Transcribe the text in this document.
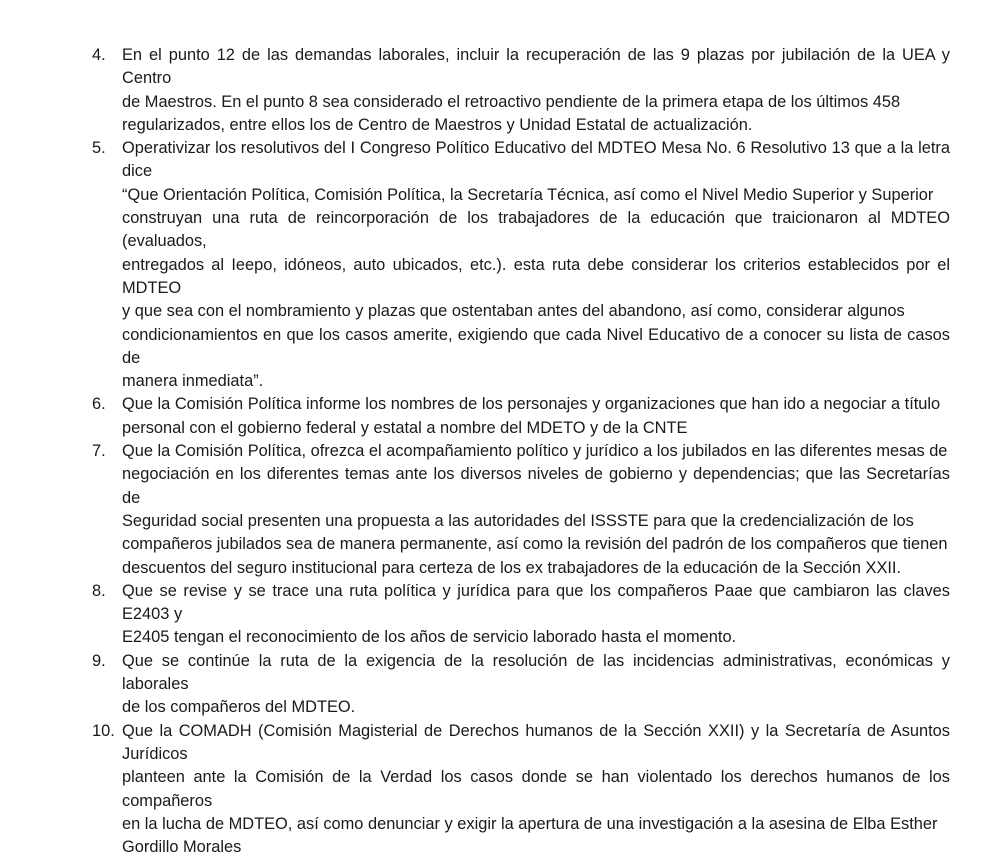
4. En el punto 12 de las demandas laborales, incluir la recuperación de las 9 plazas por jubilación de la UEA y Centro
de Maestros. En el punto 8 sea considerado el retroactivo pendiente de la primera etapa de los últimos 458
regularizados, entre ellos los de Centro de Maestros y Unidad Estatal de actualización.
5. Operativizar los resolutivos del I Congreso Político Educativo del MDTEO Mesa No. 6 Resolutivo 13 que a la letra dice
“Que Orientación Política, Comisión Política, la Secretaría Técnica, así como el Nivel Medio Superior y Superior
construyan una ruta de reincorporación de los trabajadores de la educación que traicionaron al MDTEO (evaluados,
entregados al Ieepo, idóneos, auto ubicados, etc.). esta ruta debe considerar los criterios establecidos por el MDTEO
y que sea con el nombramiento y plazas que ostentaban antes del abandono, así como, considerar algunos
condicionamientos en que los casos amerite, exigiendo que cada Nivel Educativo de a conocer su lista de casos de
manera inmediata”.
6. Que la Comisión Política informe los nombres de los personajes y organizaciones que han ido a negociar a título
personal con el gobierno federal y estatal a nombre del MDETO y de la CNTE
7. Que la Comisión Política, ofrezca el acompañamiento político y jurídico a los jubilados en las diferentes mesas de
negociación en los diferentes temas ante los diversos niveles de gobierno y dependencias; que las Secretarías de
Seguridad social presenten una propuesta a las autoridades del ISSSTE para que la credencialización de los
compañeros jubilados sea de manera permanente, así como la revisión del padrón de los compañeros que tienen
descuentos del seguro institucional para certeza de los ex trabajadores de la educación de la Sección XXII.
8. Que se revise y se trace una ruta política y jurídica para que los compañeros Paae que cambiaron las claves E2403 y
E2405 tengan el reconocimiento de los años de servicio laborado hasta el momento.
9. Que se continúe la ruta de la exigencia de la resolución de las incidencias administrativas, económicas y laborales
de los compañeros del MDTEO.
10. Que la COMADH (Comisión Magisterial de Derechos humanos de la Sección XXII) y la Secretaría de Asuntos Jurídicos
planteen ante la Comisión de la Verdad los casos donde se han violentado los derechos humanos de los compañeros
en la lucha de MDTEO, así como denunciar y exigir la apertura de una investigación a la asesina de Elba Esther
Gordillo Morales
